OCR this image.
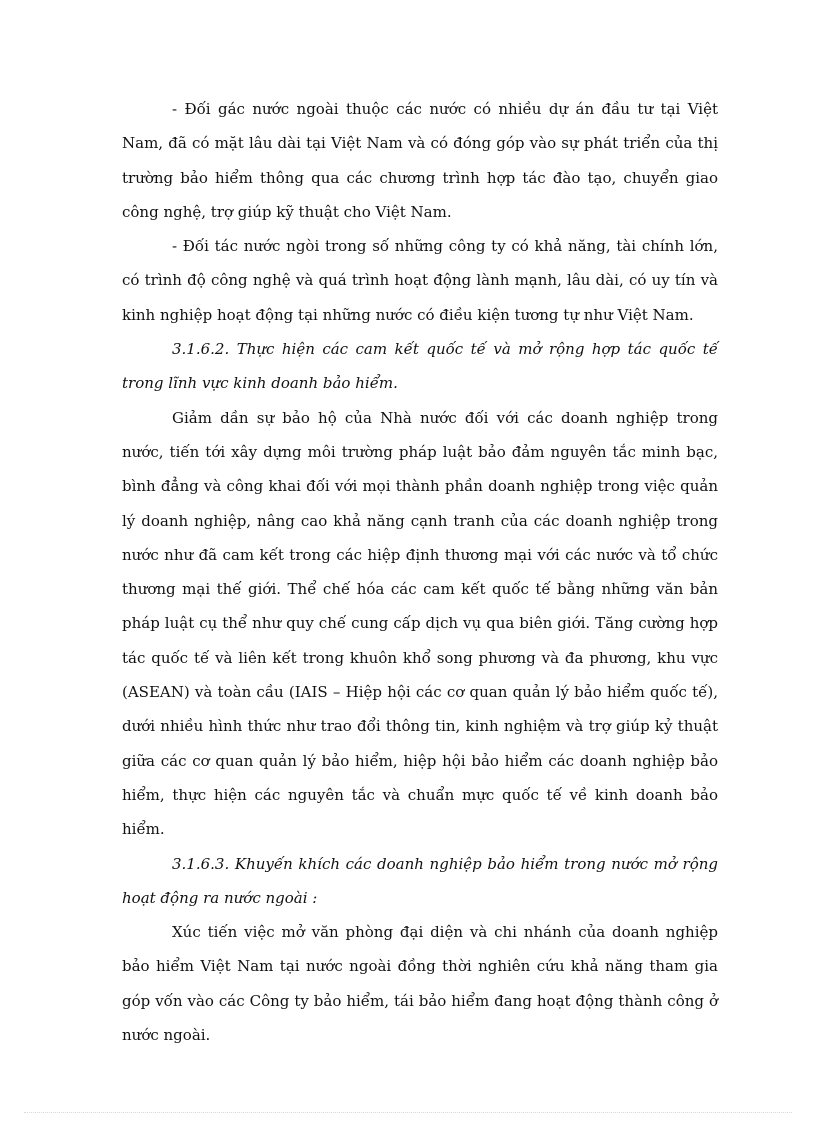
- Đối gác nước ngoài thuộc các nước có nhiều dự án đầu tư tại Việt Nam, đã có mặt lâu dài tại Việt Nam và có đóng góp vào sự phát triển của thị trường bảo hiểm thông qua các chương trình hợp tác đào tạo, chuyển giao công nghệ, trợ giúp kỹ thuật cho Việt Nam.

- Đối tác nước ngòi trong số những công ty có khả năng, tài chính lớn, có trình độ công nghệ và quá trình hoạt động lành mạnh, lâu dài, có uy tín và kinh nghiệp hoạt động tại những nước có điều kiện tương tự như Việt Nam.

3.1.6.2. Thực hiện các cam kết quốc tế và mở rộng hợp tác quốc tế trong lĩnh vực kinh doanh bảo hiểm.

Giảm dần sự bảo hộ của Nhà nước đối với các doanh nghiệp trong nước, tiến tới xây dựng môi trường pháp luật bảo đảm nguyên tắc minh bạc, bình đẳng và công khai đối với mọi thành phần doanh nghiệp trong việc quản lý doanh nghiệp, nâng cao khả năng cạnh tranh của các doanh nghiệp trong nước như đã cam kết trong các hiệp định thương mại với các nước và tổ chức thương mại thế giới. Thể chế hóa các cam kết quốc tế bằng những văn bản pháp luật cụ thể như quy chế cung cấp dịch vụ qua biên giới. Tăng cường hợp tác quốc tế và liên kết trong khuôn khổ song phương và đa phương, khu vực (ASEAN) và toàn cầu (IAIS – Hiệp hội các cơ quan quản lý bảo hiểm quốc tế), dưới nhiều hình thức như trao đổi thông tin, kinh nghiệm và trợ giúp kỷ thuật giữa các cơ quan quản lý bảo hiểm, hiệp hội bảo hiểm các doanh nghiệp bảo hiểm, thực hiện các nguyên tắc và chuẩn mực quốc tế về kinh doanh bảo hiểm.

3.1.6.3. Khuyến khích các doanh nghiệp bảo hiểm trong nước mở rộng hoạt động ra nước ngoài :

Xúc tiến việc mở văn phòng đại diện và chi nhánh của doanh nghiệp bảo hiểm Việt Nam tại nước ngoài đồng thời nghiên cứu khả năng tham gia góp vốn vào các Công ty bảo hiểm, tái bảo hiểm đang hoạt động thành công ở nước ngoài.
